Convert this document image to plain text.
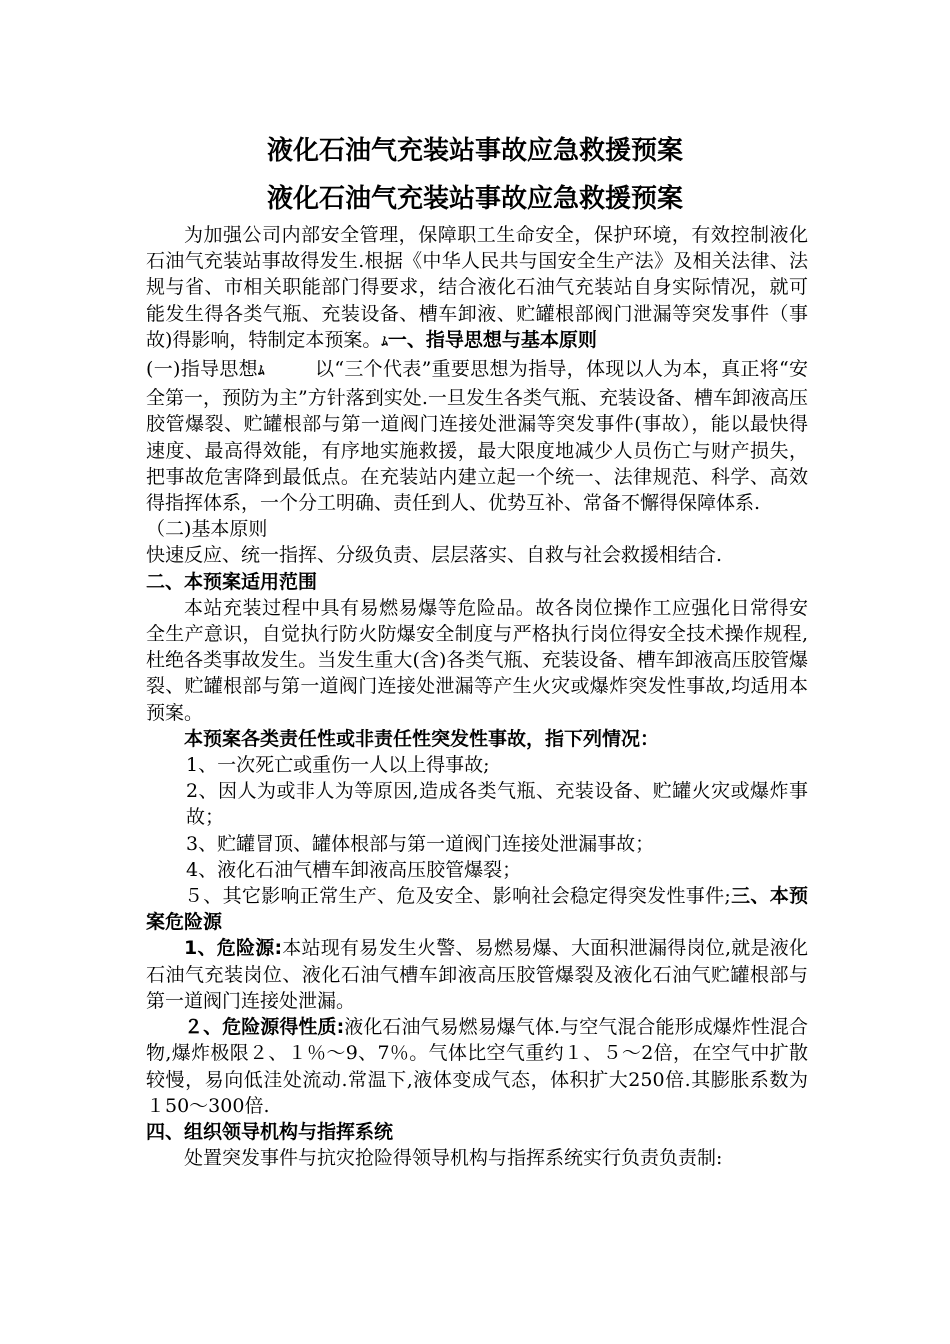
液化石油气充装站事故应急救援预案
液化石油气充装站事故应急救援预案

为加强公司内部安全管理，保障职工生命安全，保护环境，有效控制液化石油气充装站事故得发生.根据《中华人民共与国安全生产法》及相关法律、法规与省、市相关职能部门得要求，结合液化石油气充装站自身实际情况，就可能发生得各类气瓶、充装设备、槽车卸液、贮罐根部阀门泄漏等突发事件（事故)得影响，特制定本预案。ﾑ一、指导思想与基本原则

(一)指导思想ﾑ	以“三个代表”重要思想为指导，体现以人为本，真正将“安全第一，预防为主”方针落到实处.一旦发生各类气瓶、充装设备、槽车卸液高压胶管爆裂、贮罐根部与第一道阀门连接处泄漏等突发事件(事故），能以最快得速度、最高得效能，有序地实施救援，最大限度地减少人员伤亡与财产损失，把事故危害降到最低点。在充装站内建立起一个统一、法律规范、科学、高效得指挥体系，一个分工明确、责任到人、优势互补、常备不懈得保障体系.

（二)基本原则

快速反应、统一指挥、分级负责、层层落实、自救与社会救援相结合.

二、本预案适用范围

本站充装过程中具有易燃易爆等危险品。故各岗位操作工应强化日常得安全生产意识，自觉执行防火防爆安全制度与严格执行岗位得安全技术操作规程,杜绝各类事故发生。当发生重大(含)各类气瓶、充装设备、槽车卸液高压胶管爆裂、贮罐根部与第一道阀门连接处泄漏等产生火灾或爆炸突发性事故,均适用本预案。

本预案各类责任性或非责任性突发性事故，指下列情况：

1、一次死亡或重伤一人以上得事故;

2、因人为或非人为等原因,造成各类气瓶、充装设备、贮罐火灾或爆炸事故；

3、贮罐冒顶、罐体根部与第一道阀门连接处泄漏事故；

4、液化石油气槽车卸液高压胶管爆裂；

５、其它影响正常生产、危及安全、影响社会稳定得突发性事件;三、本预案危险源

1、危险源:本站现有易发生火警、易燃易爆、大面积泄漏得岗位,就是液化石油气充装岗位、液化石油气槽车卸液高压胶管爆裂及液化石油气贮罐根部与第一道阀门连接处泄漏。

２、危险源得性质:液化石油气易燃易爆气体.与空气混合能形成爆炸性混合物,爆炸极限２、１％～9、7％。气体比空气重约１、５～2倍，在空气中扩散较慢，易向低洼处流动.常温下,液体变成气态，体积扩大250倍.其膨胀系数为１50～300倍.

四、组织领导机构与指挥系统

处置突发事件与抗灾抢险得领导机构与指挥系统实行负责负责制:
